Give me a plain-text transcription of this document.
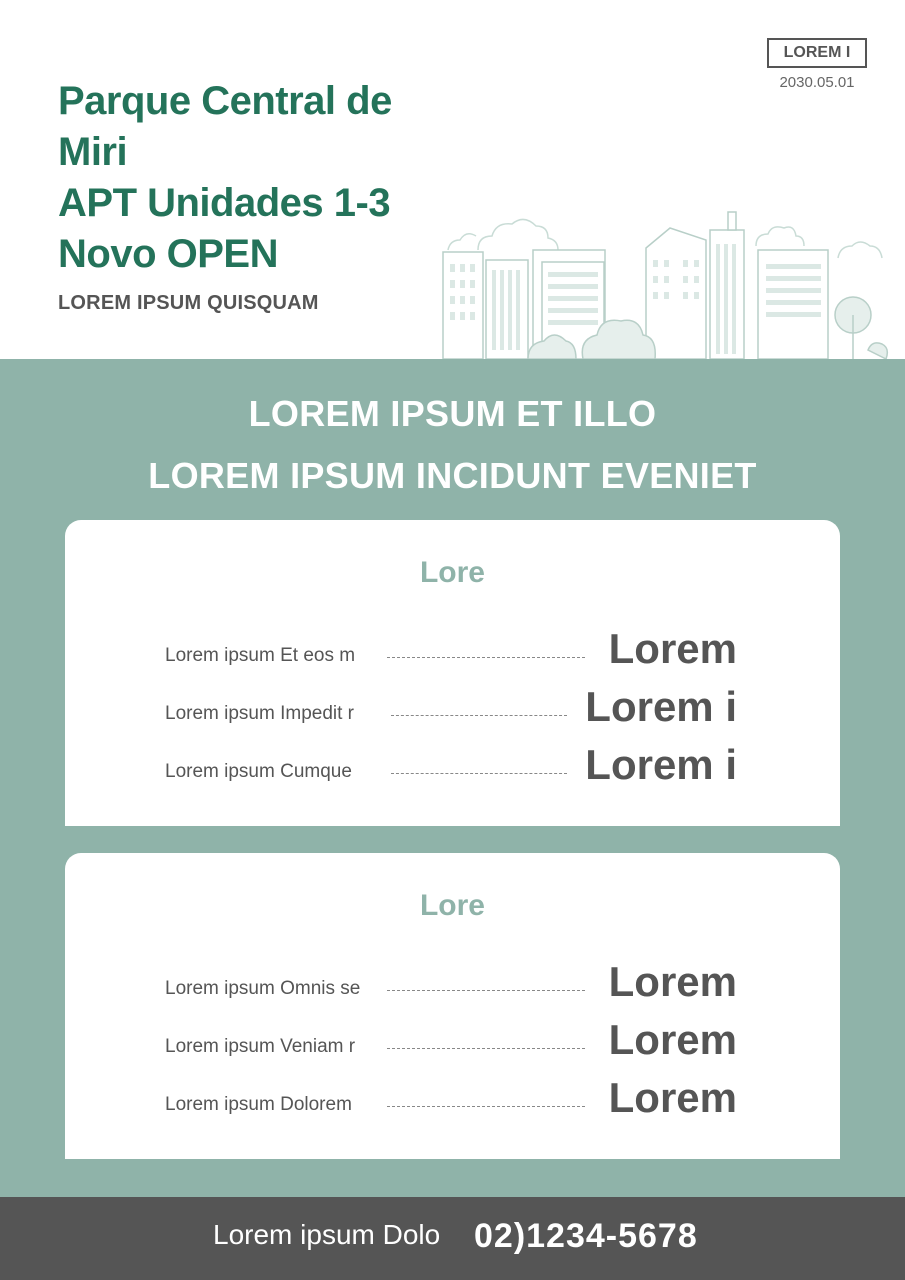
Parque Central de
Miri
APT Unidades 1-3
Novo OPEN
LOREM IPSUM QUISQUAM
LOREM I
2030.05.01
LOREM IPSUM ET ILLO
LOREM IPSUM INCIDUNT EVENIET
Lore
Lorem ipsum Et eos m	Lorem
Lorem ipsum Impedit r	Lorem i
Lorem ipsum Cumque	Lorem i
Lore
Lorem ipsum Omnis se	Lorem
Lorem ipsum Veniam r	Lorem
Lorem ipsum Dolorem	Lorem
Lorem ipsum Dolo 02)1234-5678
